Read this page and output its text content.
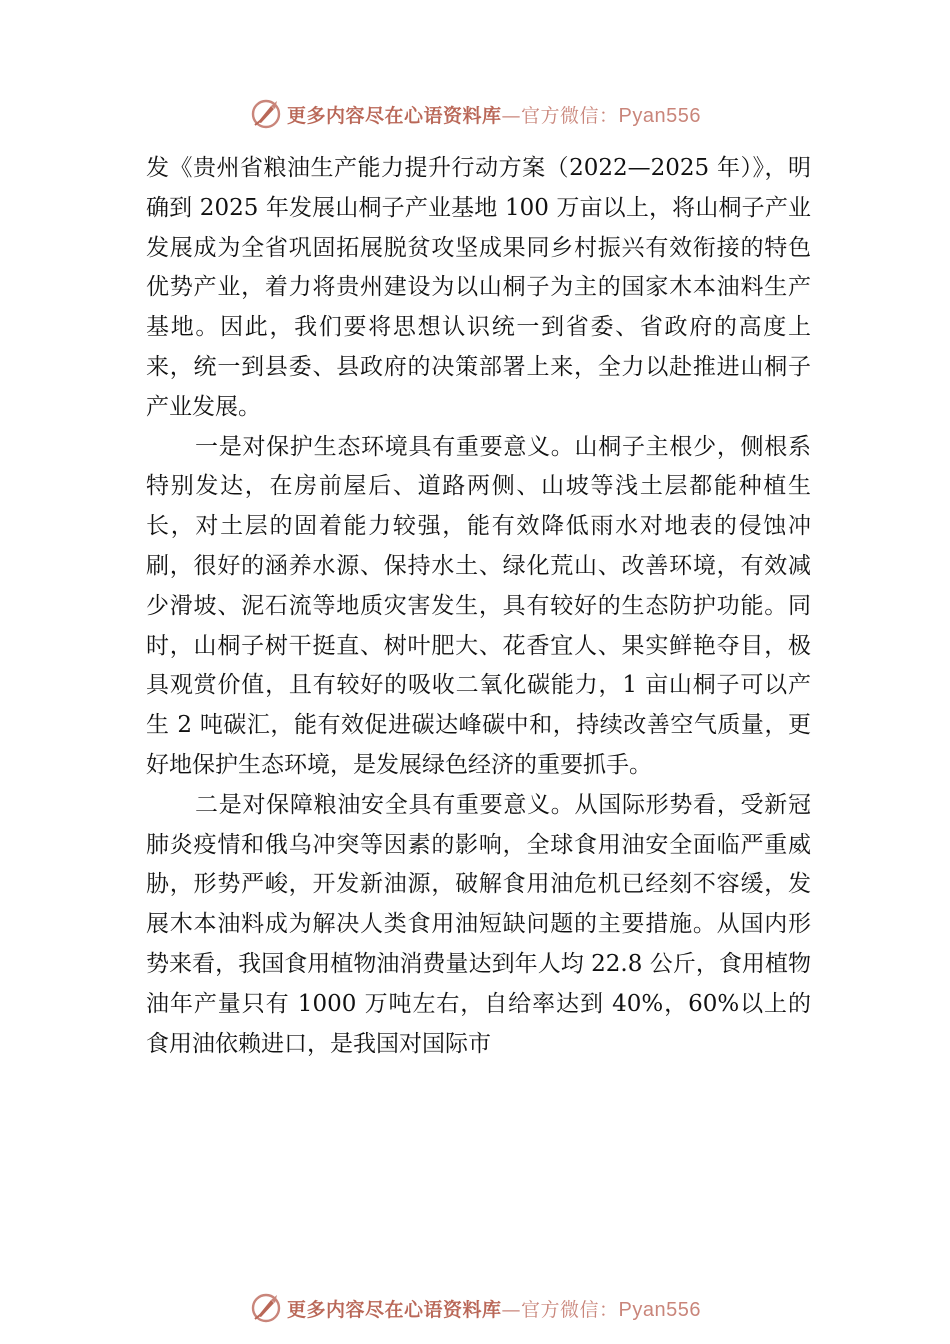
更多内容尽在心语资料库—官方微信：Pyan556

发《贵州省粮油生产能力提升行动方案（2022—2025 年）》，明确到 2025 年发展山桐子产业基地 100 万亩以上，将山桐子产业发展成为全省巩固拓展脱贫攻坚成果同乡村振兴有效衔接的特色优势产业，着力将贵州建设为以山桐子为主的国家木本油料生产基地。因此，我们要将思想认识统一到省委、省政府的高度上来，统一到县委、县政府的决策部署上来，全力以赴推进山桐子产业发展。

一是对保护生态环境具有重要意义。山桐子主根少，侧根系特别发达，在房前屋后、道路两侧、山坡等浅土层都能种植生长，对土层的固着能力较强，能有效降低雨水对地表的侵蚀冲刷，很好的涵养水源、保持水土、绿化荒山、改善环境，有效减少滑坡、泥石流等地质灾害发生，具有较好的生态防护功能。同时，山桐子树干挺直、树叶肥大、花香宜人、果实鲜艳夺目，极具观赏价值，且有较好的吸收二氧化碳能力，1 亩山桐子可以产生 2 吨碳汇，能有效促进碳达峰碳中和，持续改善空气质量，更好地保护生态环境，是发展绿色经济的重要抓手。

二是对保障粮油安全具有重要意义。从国际形势看，受新冠肺炎疫情和俄乌冲突等因素的影响，全球食用油安全面临严重威胁，形势严峻，开发新油源，破解食用油危机已经刻不容缓，发展木本油料成为解决人类食用油短缺问题的主要措施。从国内形势来看，我国食用植物油消费量达到年人均 22.8 公斤，食用植物油年产量只有 1000 万吨左右，自给率达到 40%，60%以上的食用油依赖进口，是我国对国际市

更多内容尽在心语资料库—官方微信：Pyan556
